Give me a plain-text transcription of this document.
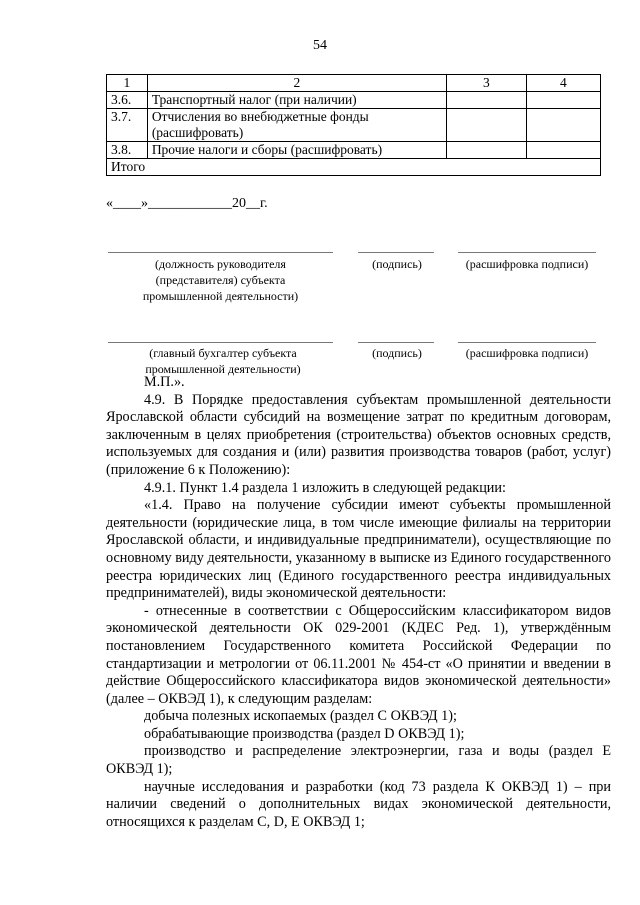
54
1	2	3	4
3.6.	Транспортный налог (при наличии)		
3.7.	Отчисления во внебюджетные фонды (расшифровать)		
3.8.	Прочие налоги и сборы (расшифровать)		
Итого			
«____»____________20__г.
(должность руководителя (представителя) субъекта промышленной деятельности)
(подпись)	(расшифровка подписи)
(главный бухгалтер субъекта промышленной деятельности)
(подпись)	(расшифровка подписи)

М.П.».

4.9. В Порядке предоставления субъектам промышленной деятельности Ярославской области субсидий на возмещение затрат по кредитным договорам, заключенным в целях приобретения (строительства) объектов основных средств, используемых для создания и (или) развития производства товаров (работ, услуг) (приложение 6 к Положению):

4.9.1. Пункт 1.4 раздела 1 изложить в следующей редакции:

«1.4. Право на получение субсидии имеют субъекты промышленной деятельности (юридические лица, в том числе имеющие филиалы на территории Ярославской области, и индивидуальные предприниматели), осуществляющие по основному виду деятельности, указанному в выписке из Единого государственного реестра юридических лиц (Единого государственного реестра индивидуальных предпринимателей), виды экономической деятельности:

- отнесенные в соответствии с Общероссийским классификатором видов экономической деятельности ОК 029-2001 (КДЕС Ред. 1), утверждённым постановлением Государственного комитета Российской Федерации по стандартизации и метрологии от 06.11.2001 № 454-ст «О принятии и введении в действие Общероссийского классификатора видов экономической деятельности» (далее – ОКВЭД 1), к следующим разделам:

добыча полезных ископаемых (раздел C ОКВЭД 1);

обрабатывающие производства (раздел D ОКВЭД 1);

производство и распределение электроэнергии, газа и воды (раздел E ОКВЭД 1);

научные исследования и разработки (код 73 раздела К ОКВЭД 1) – при наличии сведений о дополнительных видах экономической деятельности, относящихся к разделам C, D, E ОКВЭД 1;
